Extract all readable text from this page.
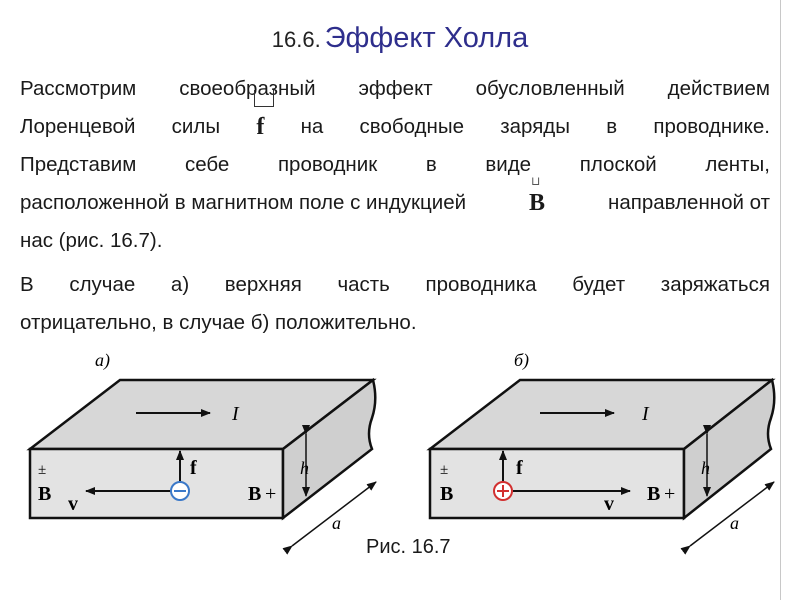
16.6. Эффект Холла
Рассмотрим своеобразный эффект обусловленный действием
Лоренцевой силы f на свободные заряды в проводнике.
Представим себе проводник в виде плоской ленты,
расположенной в магнитном поле с индукцией
⊔
B	направленной от
нас (рис. 16.7).
В случае а) верхняя часть проводника будет заряжаться
отрицательно, в случае б) положительно.
а)
I
f
v
±
B	B +
h
a
б)
I
f
v
±
B	B +
h
a
Рис. 16.7
